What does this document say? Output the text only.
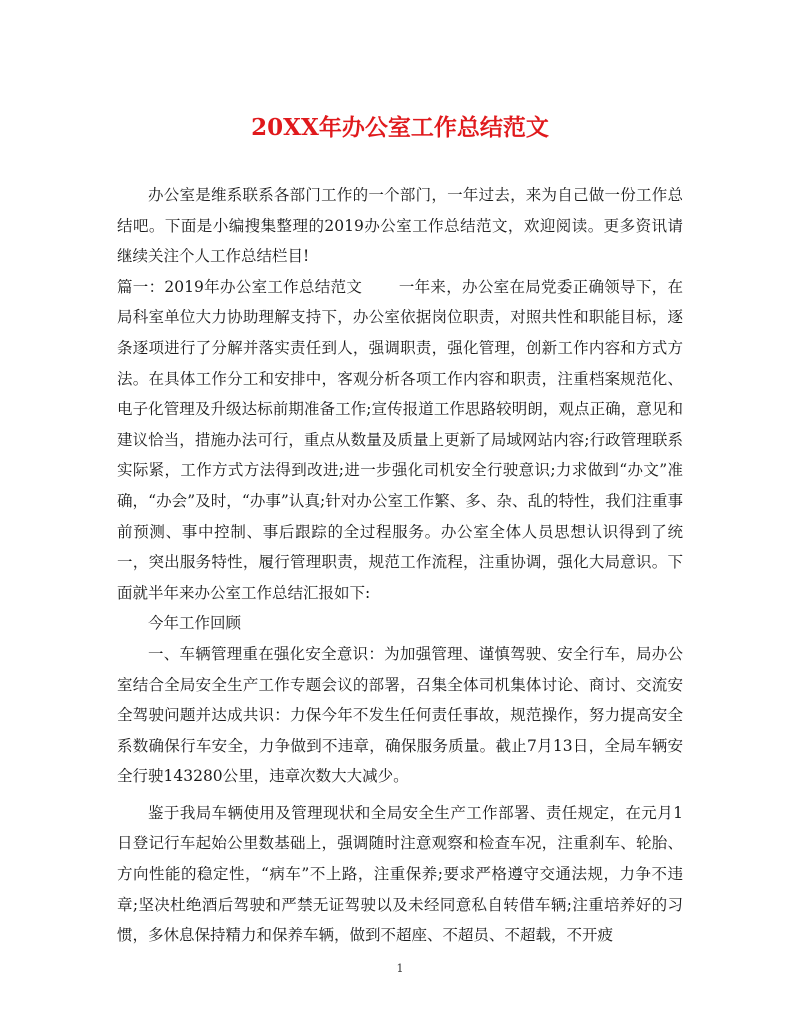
20XX年办公室工作总结范文

办公室是维系联系各部门工作的一个部门，一年过去，来为自己做一份工作总结吧。下面是小编搜集整理的2019办公室工作总结范文，欢迎阅读。更多资讯请继续关注个人工作总结栏目!

篇一：2019年办公室工作总结范文 一年来，办公室在局党委正确领导下，在局科室单位大力协助理解支持下，办公室依据岗位职责，对照共性和职能目标，逐条逐项进行了分解并落实责任到人，强调职责，强化管理，创新工作内容和方式方法。在具体工作分工和安排中，客观分析各项工作内容和职责，注重档案规范化、电子化管理及升级达标前期准备工作;宣传报道工作思路较明朗，观点正确，意见和建议恰当，措施办法可行，重点从数量及质量上更新了局域网站内容;行政管理联系实际紧，工作方式方法得到改进;进一步强化司机安全行驶意识;力求做到“办文”准确，“办会”及时，“办事”认真;针对办公室工作繁、多、杂、乱的特性，我们注重事前预测、事中控制、事后跟踪的全过程服务。办公室全体人员思想认识得到了统一，突出服务特性，履行管理职责，规范工作流程，注重协调，强化大局意识。下面就半年来办公室工作总结汇报如下:

今年工作回顾

一、车辆管理重在强化安全意识：为加强管理、谨慎驾驶、安全行车，局办公室结合全局安全生产工作专题会议的部署，召集全体司机集体讨论、商讨、交流安全驾驶问题并达成共识：力保今年不发生任何责任事故，规范操作，努力提高安全系数确保行车安全，力争做到不违章，确保服务质量。截止7月13日，全局车辆安全行驶143280公里，违章次数大大减少。

鉴于我局车辆使用及管理现状和全局安全生产工作部署、责任规定，在元月1日登记行车起始公里数基础上，强调随时注意观察和检查车况，注重刹车、轮胎、方向性能的稳定性，“病车”不上路，注重保养;要求严格遵守交通法规，力争不违章;坚决杜绝酒后驾驶和严禁无证驾驶以及未经同意私自转借车辆;注重培养好的习惯，多休息保持精力和保养车辆，做到不超座、不超员、不超载，不开疲

1
